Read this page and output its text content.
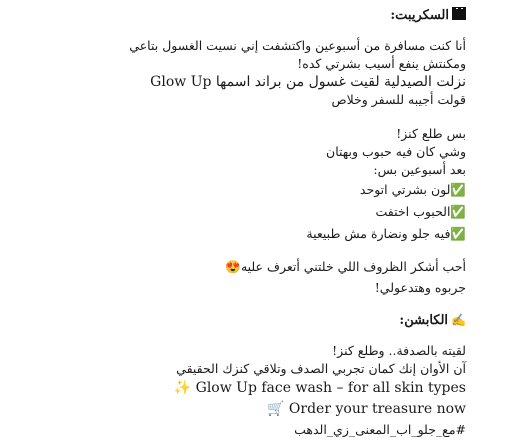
السكريبت:
أنا كنت مسافرة من أسبوعين واكتشفت إني نسيت الغسول بتاعي
ومكنتش ينفع أسيب بشرتي كده!
نزلت الصيدلية لقيت غسول من براند اسمها Glow Up
قولت أجيبه للسفر وخلاص
بس طلع كنز!
وشي كان فيه حبوب وبهتان
بعد أسبوعين بس:
✅لون بشرتي اتوحد
✅الحبوب اختفت
✅فيه جلو ونضارة مش طبيعية
أحب أشكر الظروف اللي خلتني أتعرف عليه😍
جربوه وهتدعولي!
✍الكابشن:
لقيته بالصدفة.. وطلع كنز!
آن الأوان إنك كمان تجربي الصدف وتلاقي كنزك الحقيقي
✨ Glow Up face wash – for all skin types
🛒 Order your treasure now
#مع_جلو_اب_المعنى_زي_الدهب
